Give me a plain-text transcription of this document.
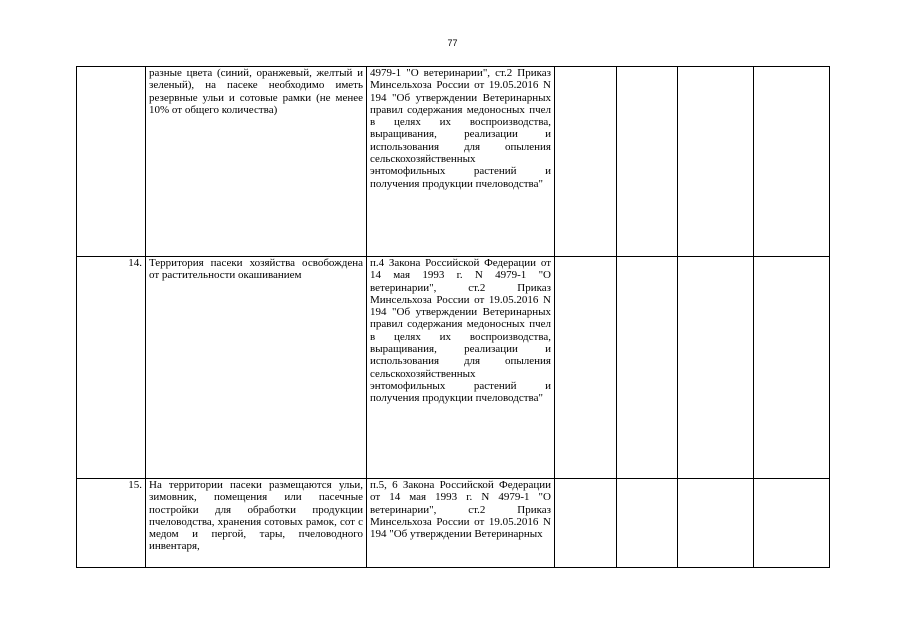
77
	разные цвета (синий, оранжевый, желтый и зеленый), на пасеке необходимо иметь резервные ульи и сотовые рамки (не менее 10% от общего количества)	4979-1 "О ветеринарии", ст.2 Приказ Минсельхоза России от 19.05.2016 N 194 "Об утверждении Ветеринарных правил содержания медоносных пчел в целях их воспроизводства, выращивания, реализации и использования для опыления сельскохозяйственных энтомофильных растений и получения продукции пчеловодства"				
14.	Территория пасеки хозяйства освобождена от растительности окашиванием	п.4 Закона Российской Федерации от 14 мая 1993 г. N 4979-1 "О ветеринарии", ст.2 Приказ Минсельхоза России от 19.05.2016 N 194 "Об утверждении Ветеринарных правил содержания медоносных пчел в целях их воспроизводства, выращивания, реализации и использования для опыления сельскохозяйственных энтомофильных растений и получения продукции пчеловодства"				
15.	На территории пасеки размещаются ульи, зимовник, помещения или пасечные постройки для обработки продукции пчеловодства, хранения сотовых рамок, сот с медом и пергой, тары, пчеловодного инвентаря,	п.5, 6 Закона Российской Федерации от 14 мая 1993 г. N 4979-1 "О ветеринарии", ст.2 Приказ Минсельхоза России от 19.05.2016 N 194 "Об утверждении Ветеринарных				
